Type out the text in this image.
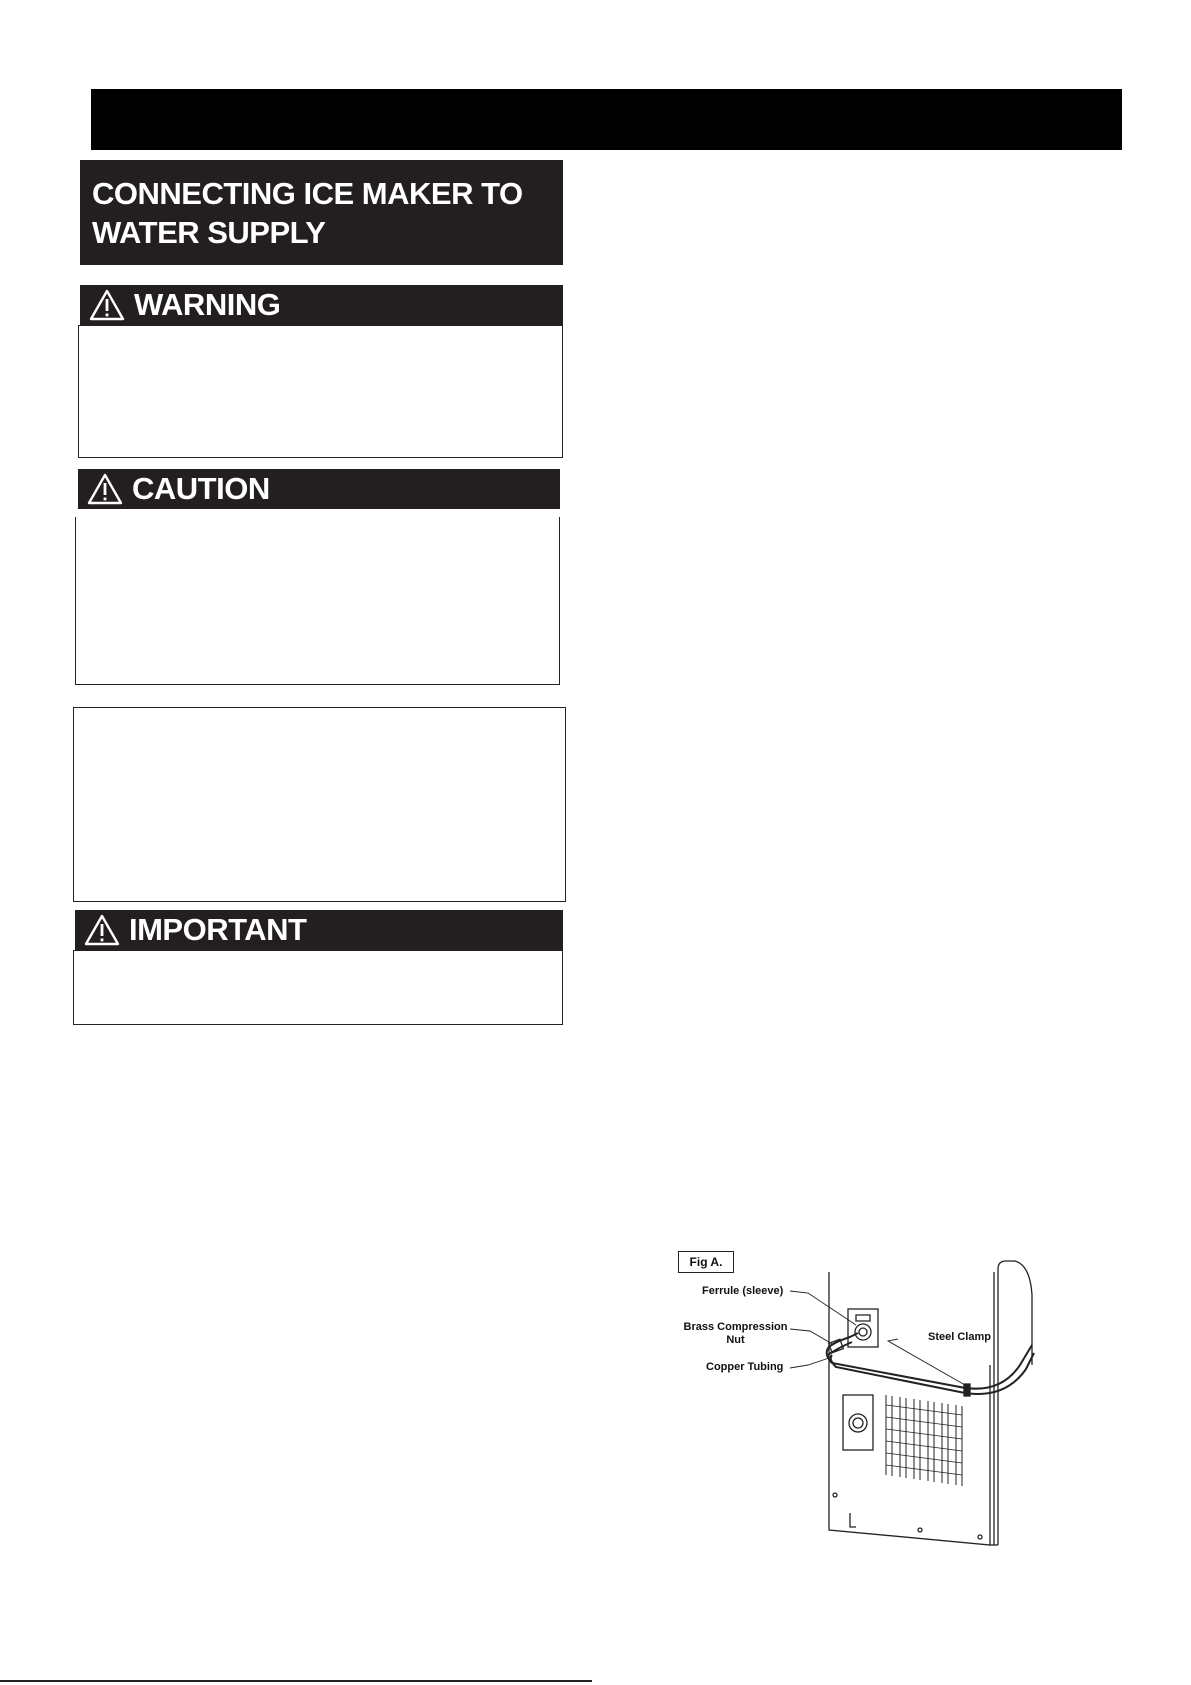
CONNECTING ICE MAKER TO
WATER SUPPLY
WARNING
CAUTION
IMPORTANT
Fig A.
Ferrule (sleeve)
Brass Compression
Nut
Copper Tubing
Steel Clamp
